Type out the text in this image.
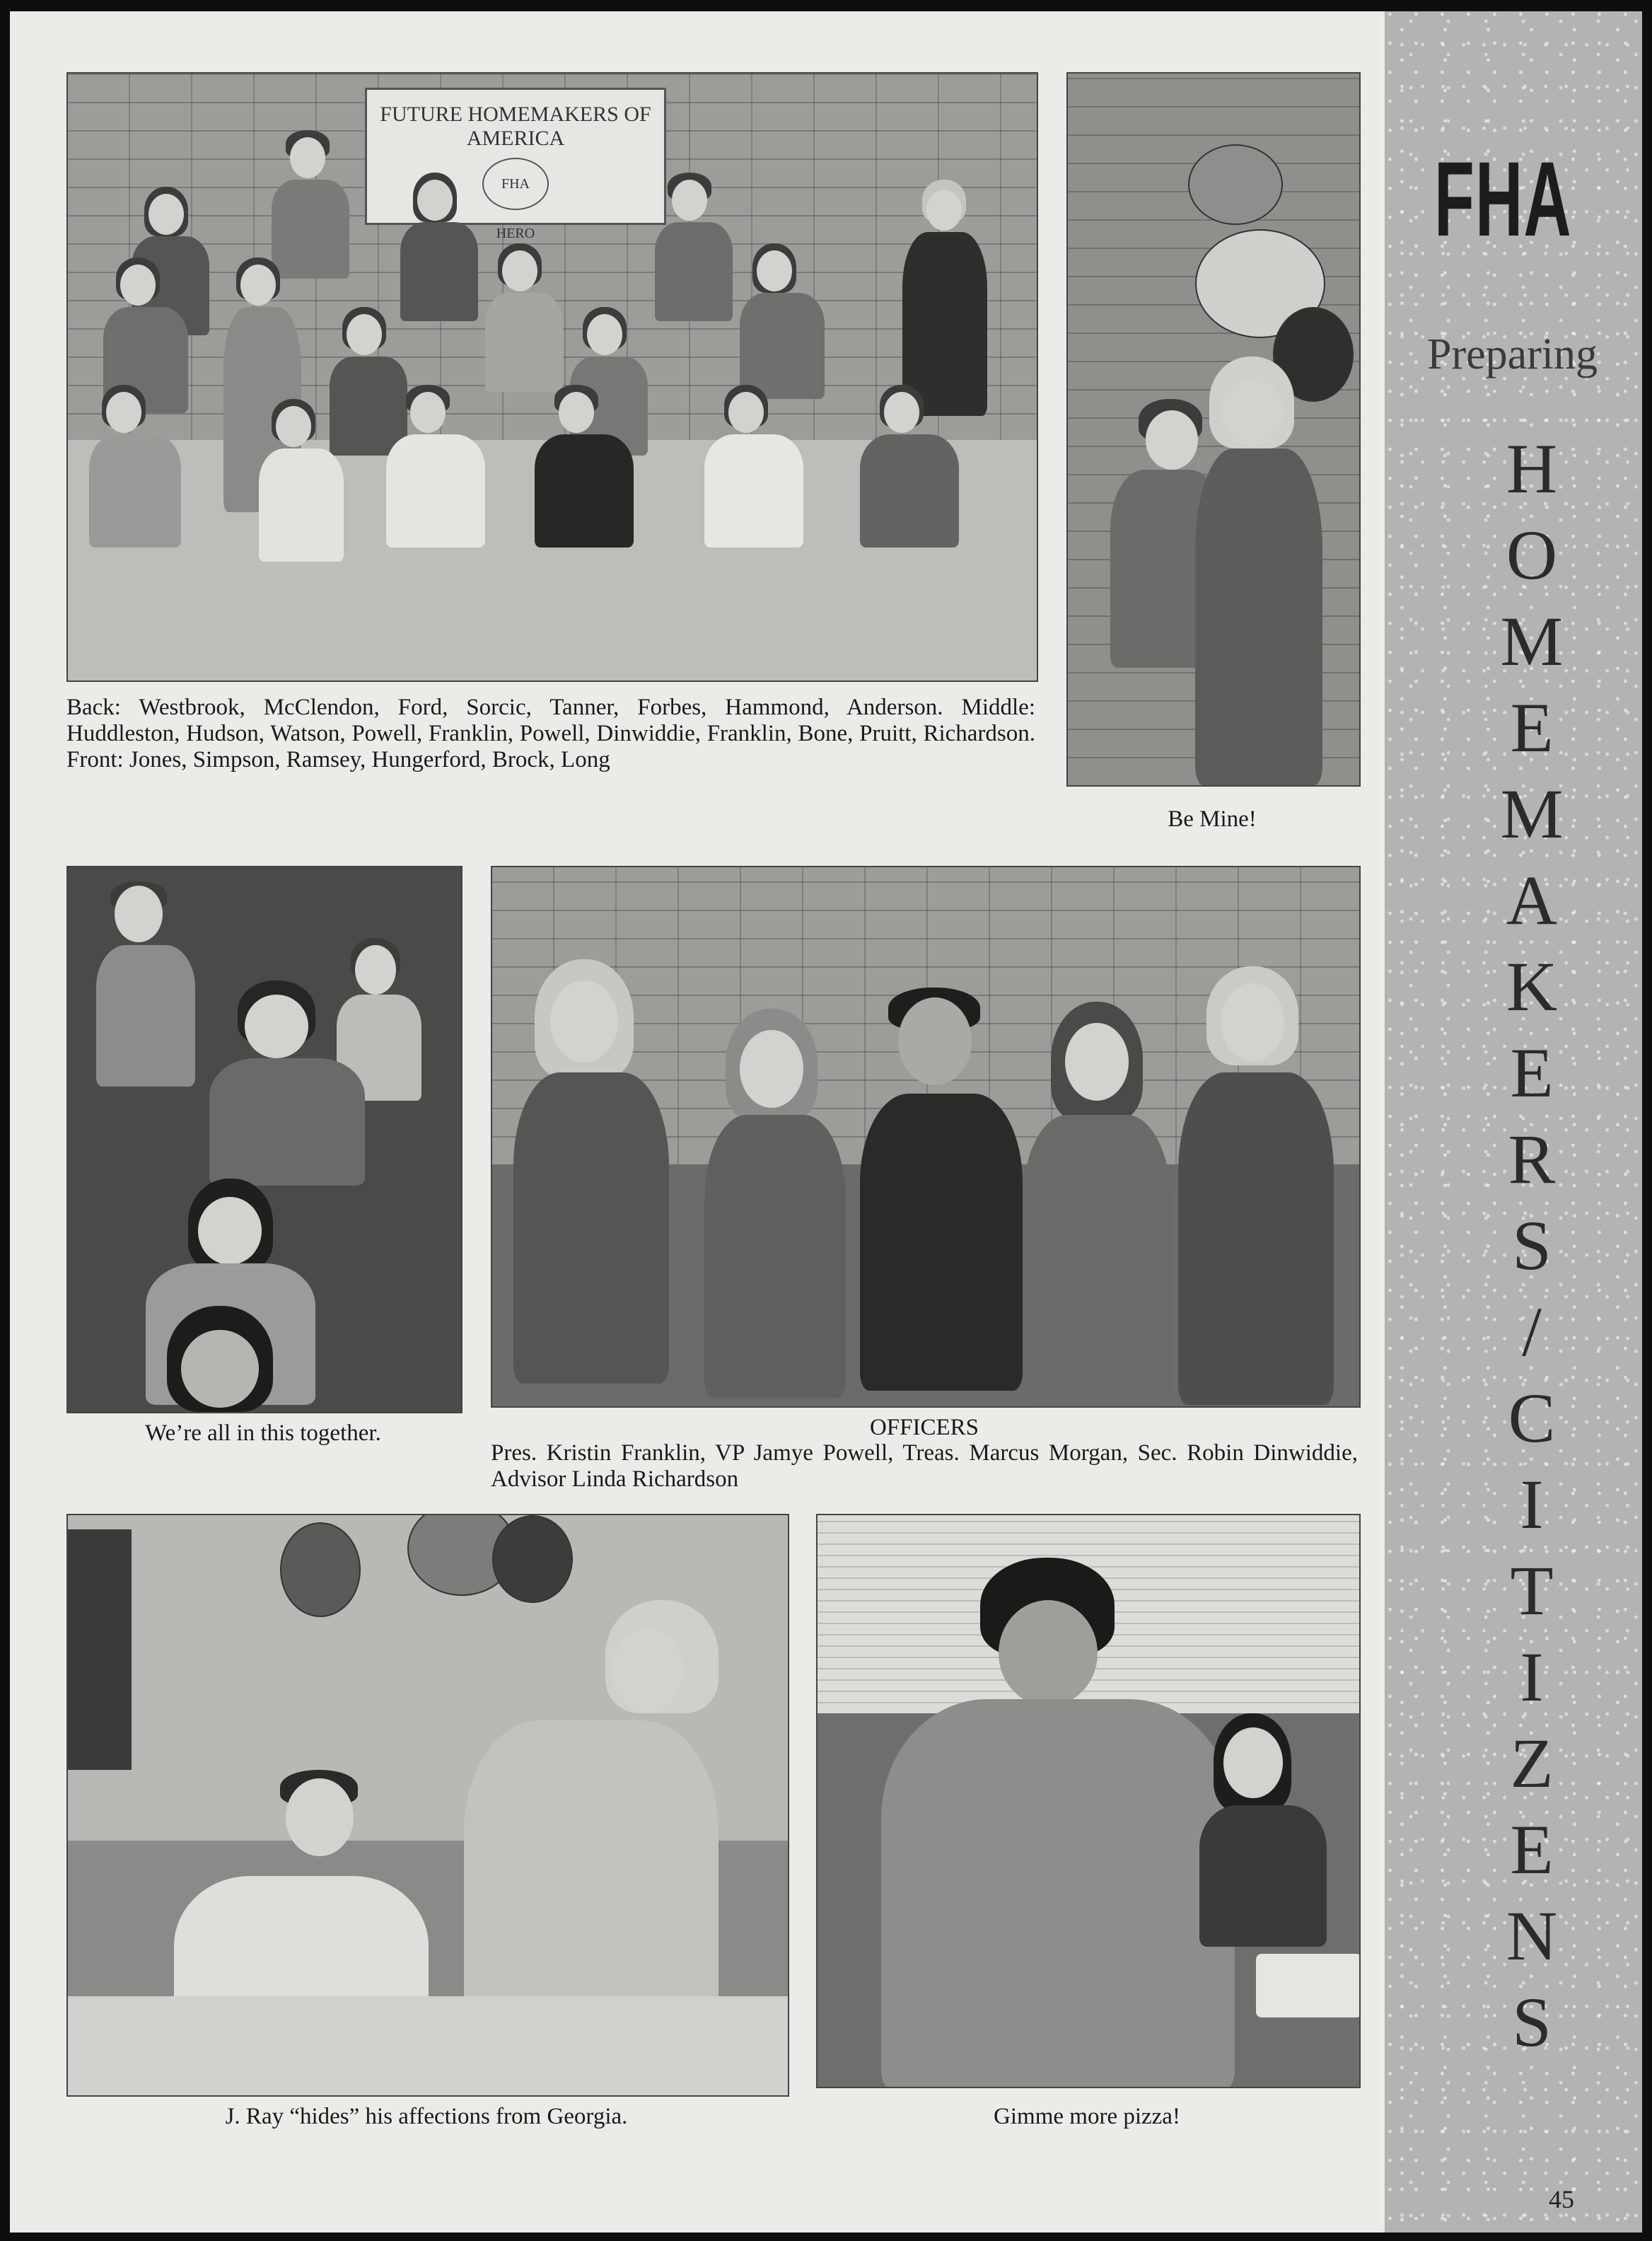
FUTURE HOMEMAKERS OF AMERICA
FHA HERO

Back: Westbrook, McClendon, Ford, Sorcic, Tanner, Forbes, Hammond, Anderson. Middle: Huddleston, Hudson, Watson, Powell, Franklin, Powell, Dinwiddie, Franklin, Bone, Pruitt, Richardson. Front: Jones, Simpson, Ramsey, Hungerford, Brock, Long

Be Mine!

We’re all in this together.	OFFICERS

Pres. Kristin Franklin, VP Jamye Powell, Treas. Marcus Morgan, Sec. Robin Dinwiddie, Advisor Linda Richardson

J. Ray “hides” his affections from Georgia.	Gimme more pizza!

FHA
Preparing
H
O
M
E
M
A
K
E
R
S
/
C
I
T
I
Z
E
N
S
45
